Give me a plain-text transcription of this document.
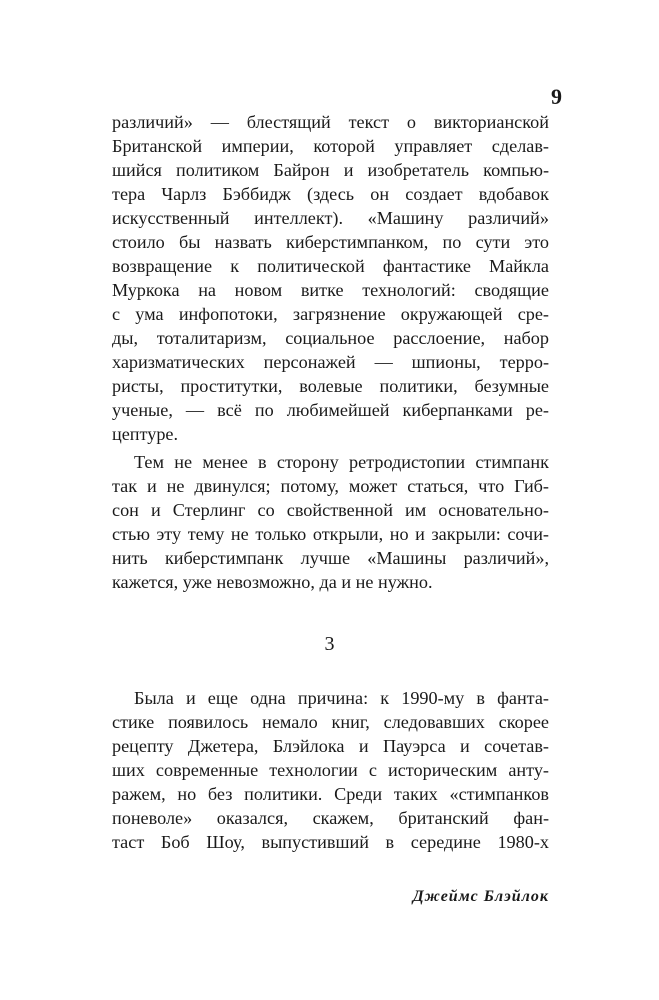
9
различий» — блестящий текст о викторианской
Британской империи, которой управляет сделав-
шийся политиком Байрон и изобретатель компью-
тера Чарлз Бэббидж (здесь он создает вдобавок
искусственный интеллект). «Машину различий»
стоило бы назвать киберстимпанком, по сути это
возвращение к политической фантастике Майкла
Муркока на новом витке технологий: сводящие
с ума инфопотоки, загрязнение окружающей сре-
ды, тоталитаризм, социальное расслоение, набор
харизматических персонажей — шпионы, терро-
ристы, проститутки, волевые политики, безумные
ученые, — всё по любимейшей киберпанками ре-
цептуре.
Тем не менее в сторону ретродистопии стимпанк
так и не двинулся; потому, может статься, что Гиб-
сон и Стерлинг со свойственной им основательно-
стью эту тему не только открыли, но и закрыли: сочи-
нить киберстимпанк лучше «Машины различий»,
кажется, уже невозможно, да и не нужно.
3
Была и еще одна причина: к 1990-му в фанта-
стике появилось немало книг, следовавших скорее
рецепту Джетера, Блэйлока и Пауэрса и сочетав-
ших современные технологии с историческим анту-
ражем, но без политики. Среди таких «стимпанков
поневоле» оказался, скажем, британский фан-
таст Боб Шоу, выпустивший в середине 1980-х
Джеймс Блэйлок
